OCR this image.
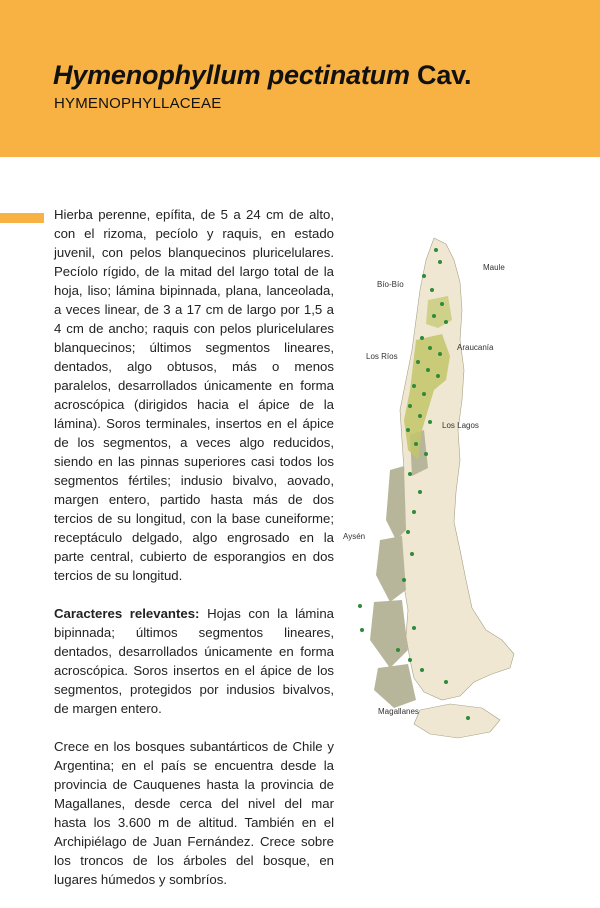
Hymenophyllum pectinatum Cav.
HYMENOPHYLLACEAE

Hierba perenne, epífita, de 5 a 24 cm de alto, con el rizoma, pecíolo y raquis, en estado juvenil, con pelos blanquecinos pluricelulares. Pecíolo rígido, de la mitad del largo total de la hoja, liso; lámina bipinnada, plana, lanceolada, a veces linear, de 3 a 17 cm de largo por 1,5 a 4 cm de ancho; raquis con pelos pluricelulares blanquecinos; últimos segmentos lineares, dentados, algo obtusos, más o menos paralelos, desarrollados únicamente en forma acroscópica (dirigidos hacia el ápice de la lámina). Soros terminales, insertos en el ápice de los segmentos, a veces algo reducidos, siendo en las pinnas superiores casi todos los segmentos fértiles; indusio bivalvo, aovado, margen entero, partido hasta más de dos tercios de su longitud, con la base cuneiforme; receptáculo delgado, algo engrosado en la parte central, cubierto de esporangios en dos tercios de su longitud.

Caracteres relevantes: Hojas con la lámina bipinnada; últimos segmentos lineares, dentados, desarrollados únicamente en forma acroscópica. Soros insertos en el ápice de los segmentos, protegidos por indusios bivalvos, de margen entero.

Crece en los bosques subantárticos de Chile y Argentina; en el país se encuentra desde la provincia de Cauquenes hasta la provincia de Magallanes, desde cerca del nivel del mar hasta los 3.600 m de altitud. También en el Archipiélago de Juan Fernández. Crece sobre los troncos de los árboles del bosque, en lugares húmedos y sombríos.

Maule
Bío-Bío
Araucanía
Los Ríos
Los Lagos
Aysén
Magallanes
